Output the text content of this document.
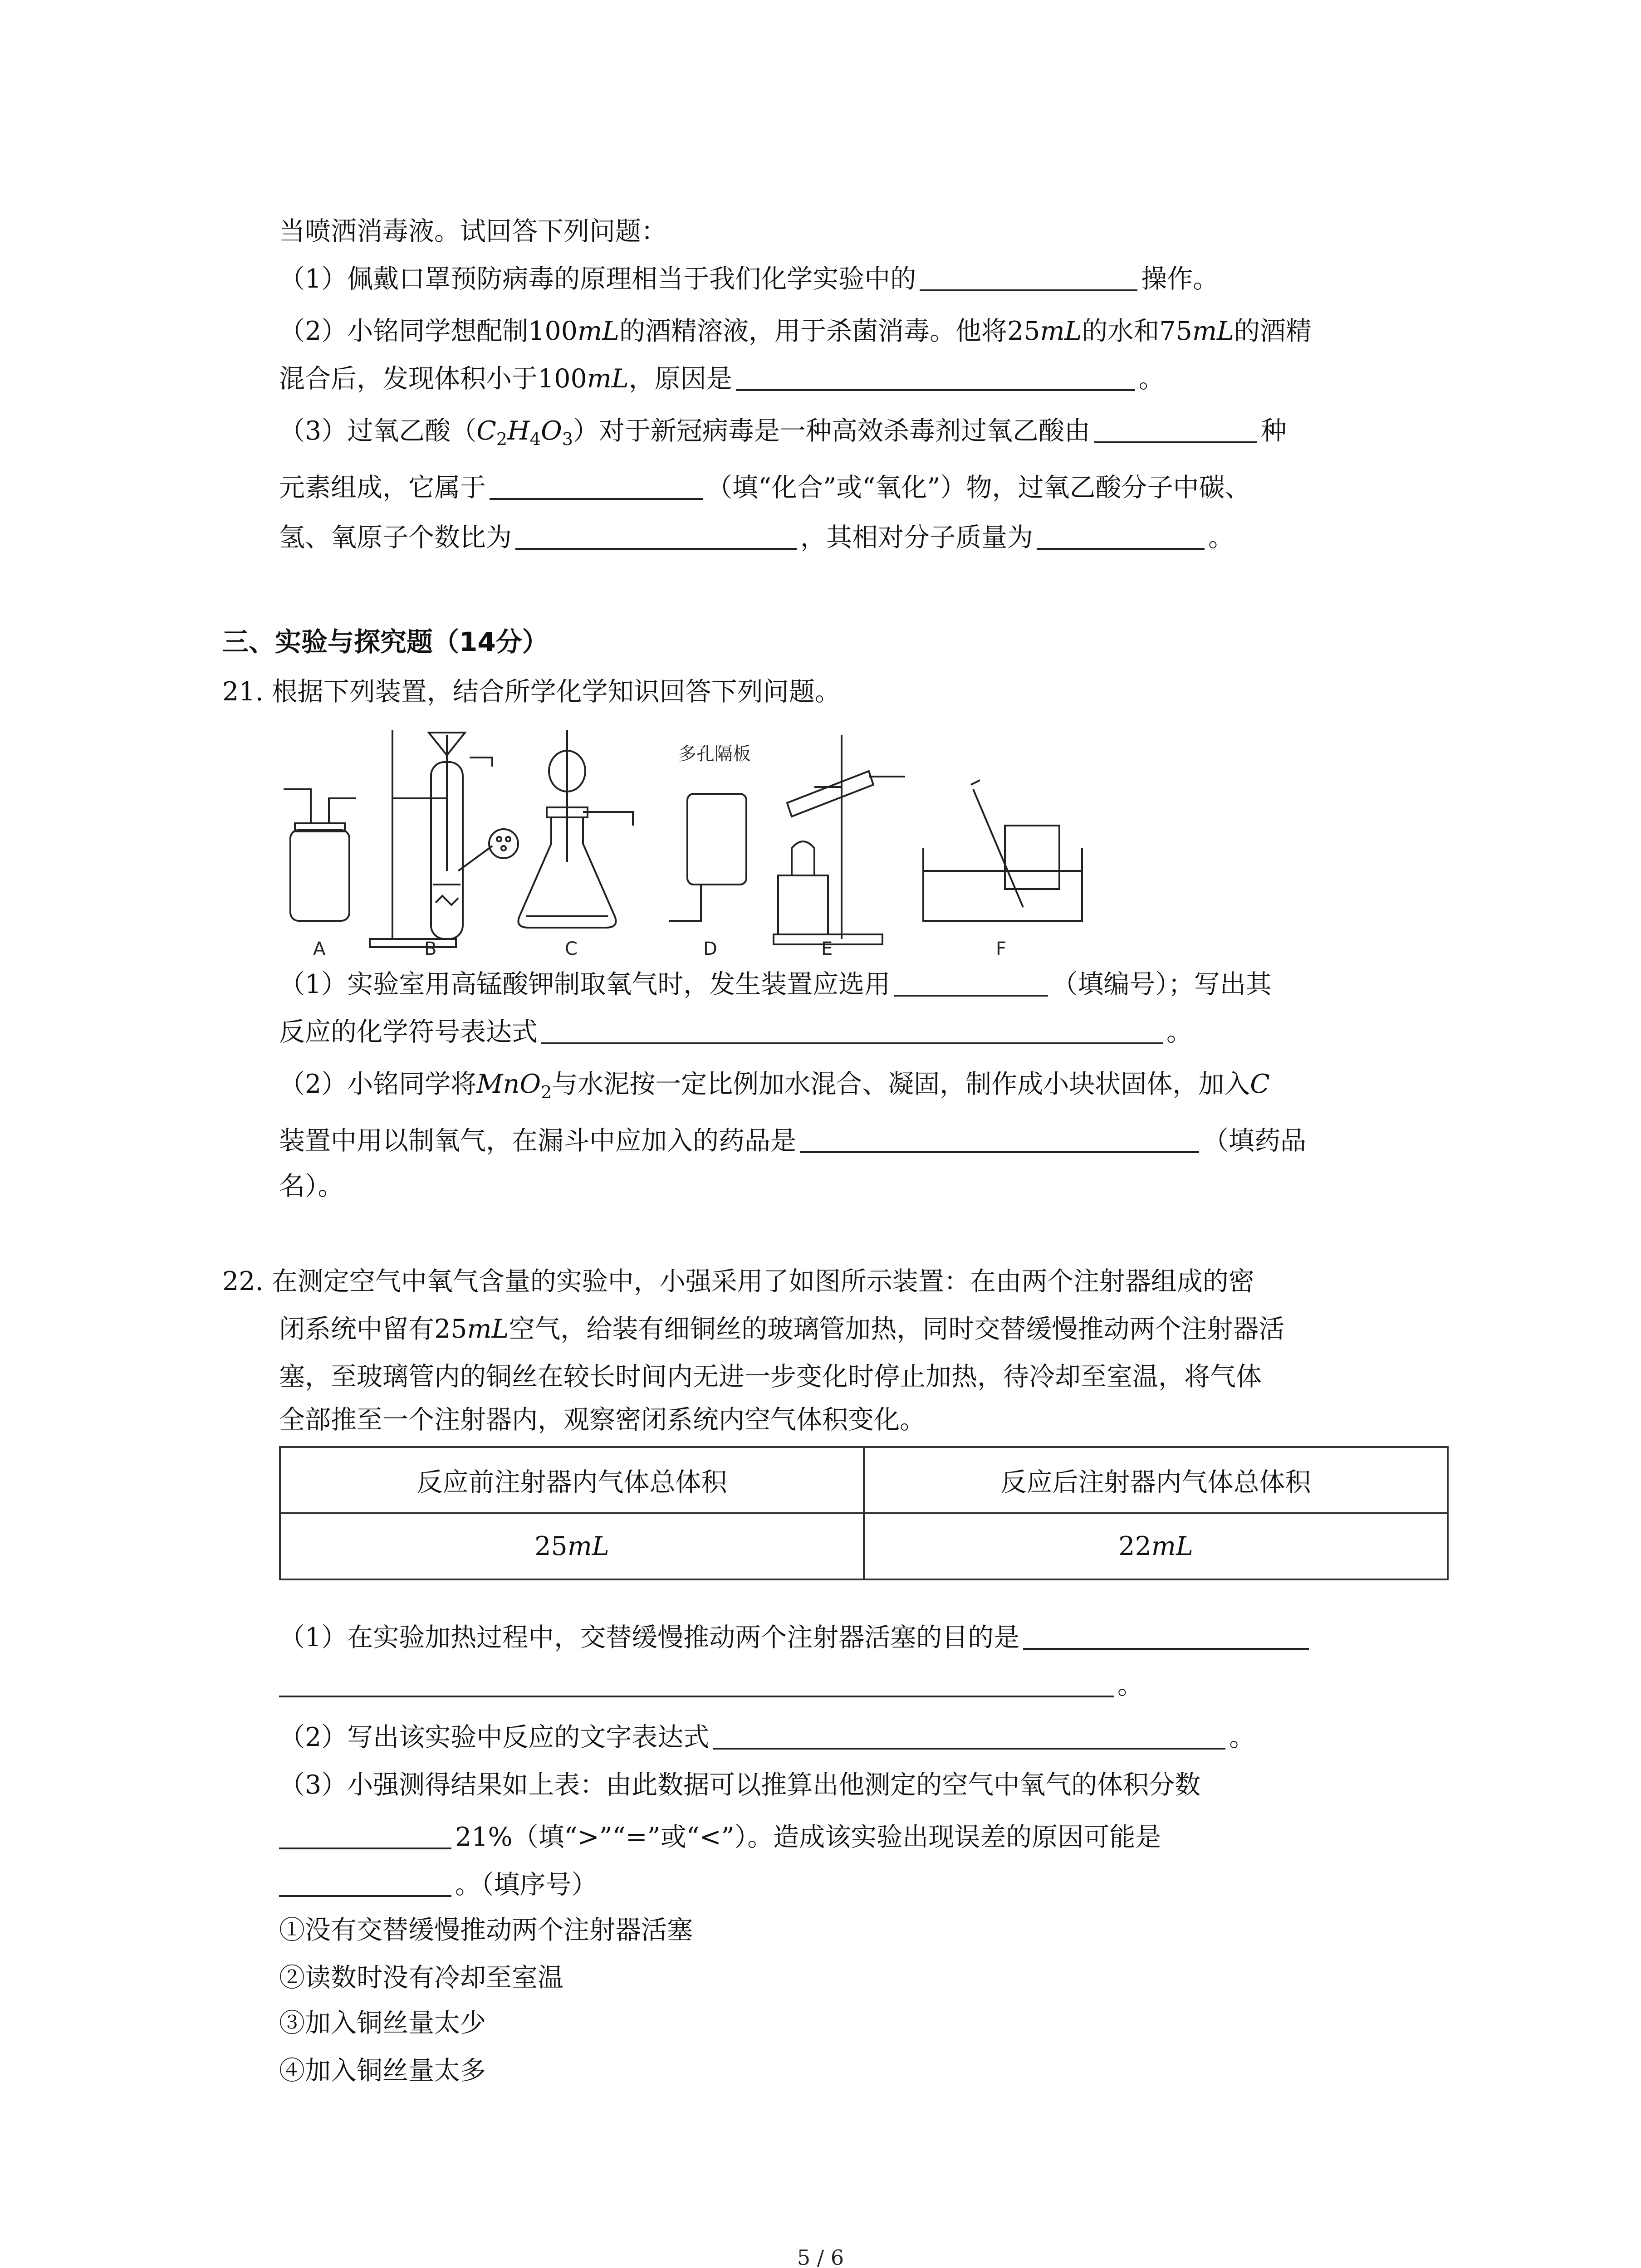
当喷洒消毒液。试回答下列问题：
（1）佩戴口罩预防病毒的原理相当于我们化学实验中的	操作。
（2）小铭同学想配制100mL的酒精溶液，用于杀菌消毒。他将25mL的水和75mL的酒精
混合后，发现体积小于100mL，原因是	。
（3）过氧乙酸$(C_2H_4O_3)$对于新冠病毒是一种高效杀毒剂过氧乙酸由	种
元素组成，它属于	（填“化合”或“氧化”）物，过氧乙酸分子中碳、
氢、氧原子个数比为	，其相对分子质量为	。
三、实验与探究题（14分）
21. 根据下列装置，结合所学化学知识回答下列问题。
多孔隔板
A	B	C	D	E	F
（1）实验室用高锰酸钾制取氧气时，发生装置应选用	（填编号）；写出其
反应的化学符号表达式	。
（2）小铭同学将MnO$_2$与水泥按一定比例加水混合、凝固，制作成小块状固体，加入C
装置中用以制氧气，在漏斗中应加入的药品是	（填药品
名）。
22. 在测定空气中氧气含量的实验中，小强采用了如图所示装置：在由两个注射器组成的密
闭系统中留有25mL空气，给装有细铜丝的玻璃管加热，同时交替缓慢推动两个注射器活
塞，至玻璃管内的铜丝在较长时间内无进一步变化时停止加热，待冷却至室温，将气体
全部推至一个注射器内，观察密闭系统内空气体积变化。
反应前注射器内气体总体积	反应后注射器内气体总体积
25mL	22mL
（1）在实验加热过程中，交替缓慢推动两个注射器活塞的目的是
。
（2）写出该实验中反应的文字表达式	。
（3）小强测得结果如上表：由此数据可以推算出他测定的空气中氧气的体积分数
21%（填“>”“=”或“<”）。造成该实验出现误差的原因可能是
。（填序号）
①没有交替缓慢推动两个注射器活塞
②读数时没有冷却至室温
③加入铜丝量太少
④加入铜丝量太多
5 / 6
